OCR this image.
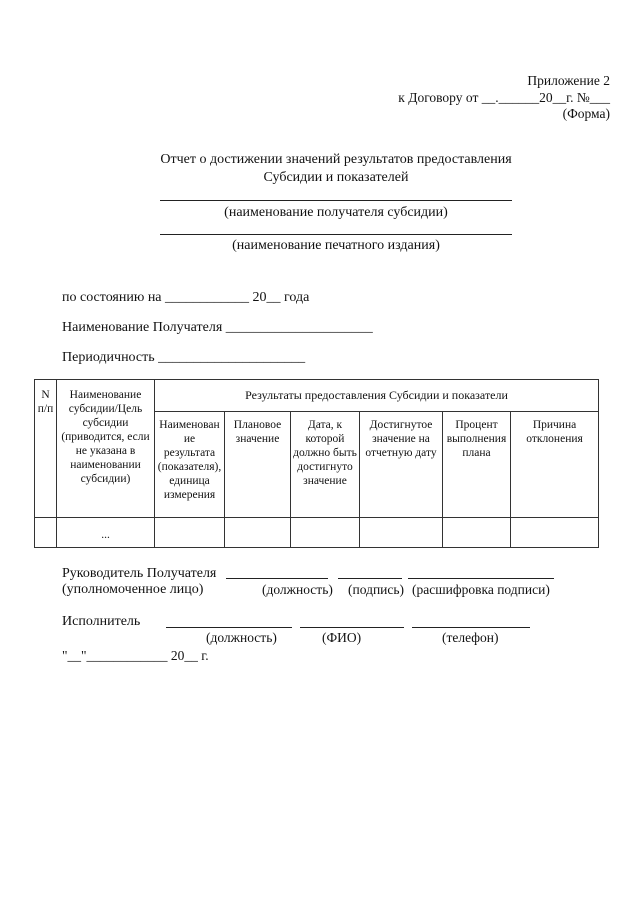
Приложение 2
к Договору от __.______20__г. №___
(Форма)
Отчет о достижении значений результатов предоставления
Субсидии и показателей
(наименование получателя субсидии)
(наименование печатного издания)
по состоянию на ____________ 20__ года
Наименование Получателя _____________________
Периодичность _____________________
N п/п	Наименование субсидии/Цель субсидии (приводится, если не указана в наименовании субсидии)	Результаты предоставления Субсидии и показатели					
		Наименование результата (показателя), единица измерения	Плановое значение	Дата, к которой должно быть достигнуто значение	Достигнутое значение на отчетную дату	Процент выполнения плана	Причина отклонения
	...						
Руководитель Получателя
(уполномоченное лицо)	(должность) (подпись) (расшифровка подписи)
Исполнитель
(должность)	(ФИО)	(телефон)
"__"____________ 20__ г.
